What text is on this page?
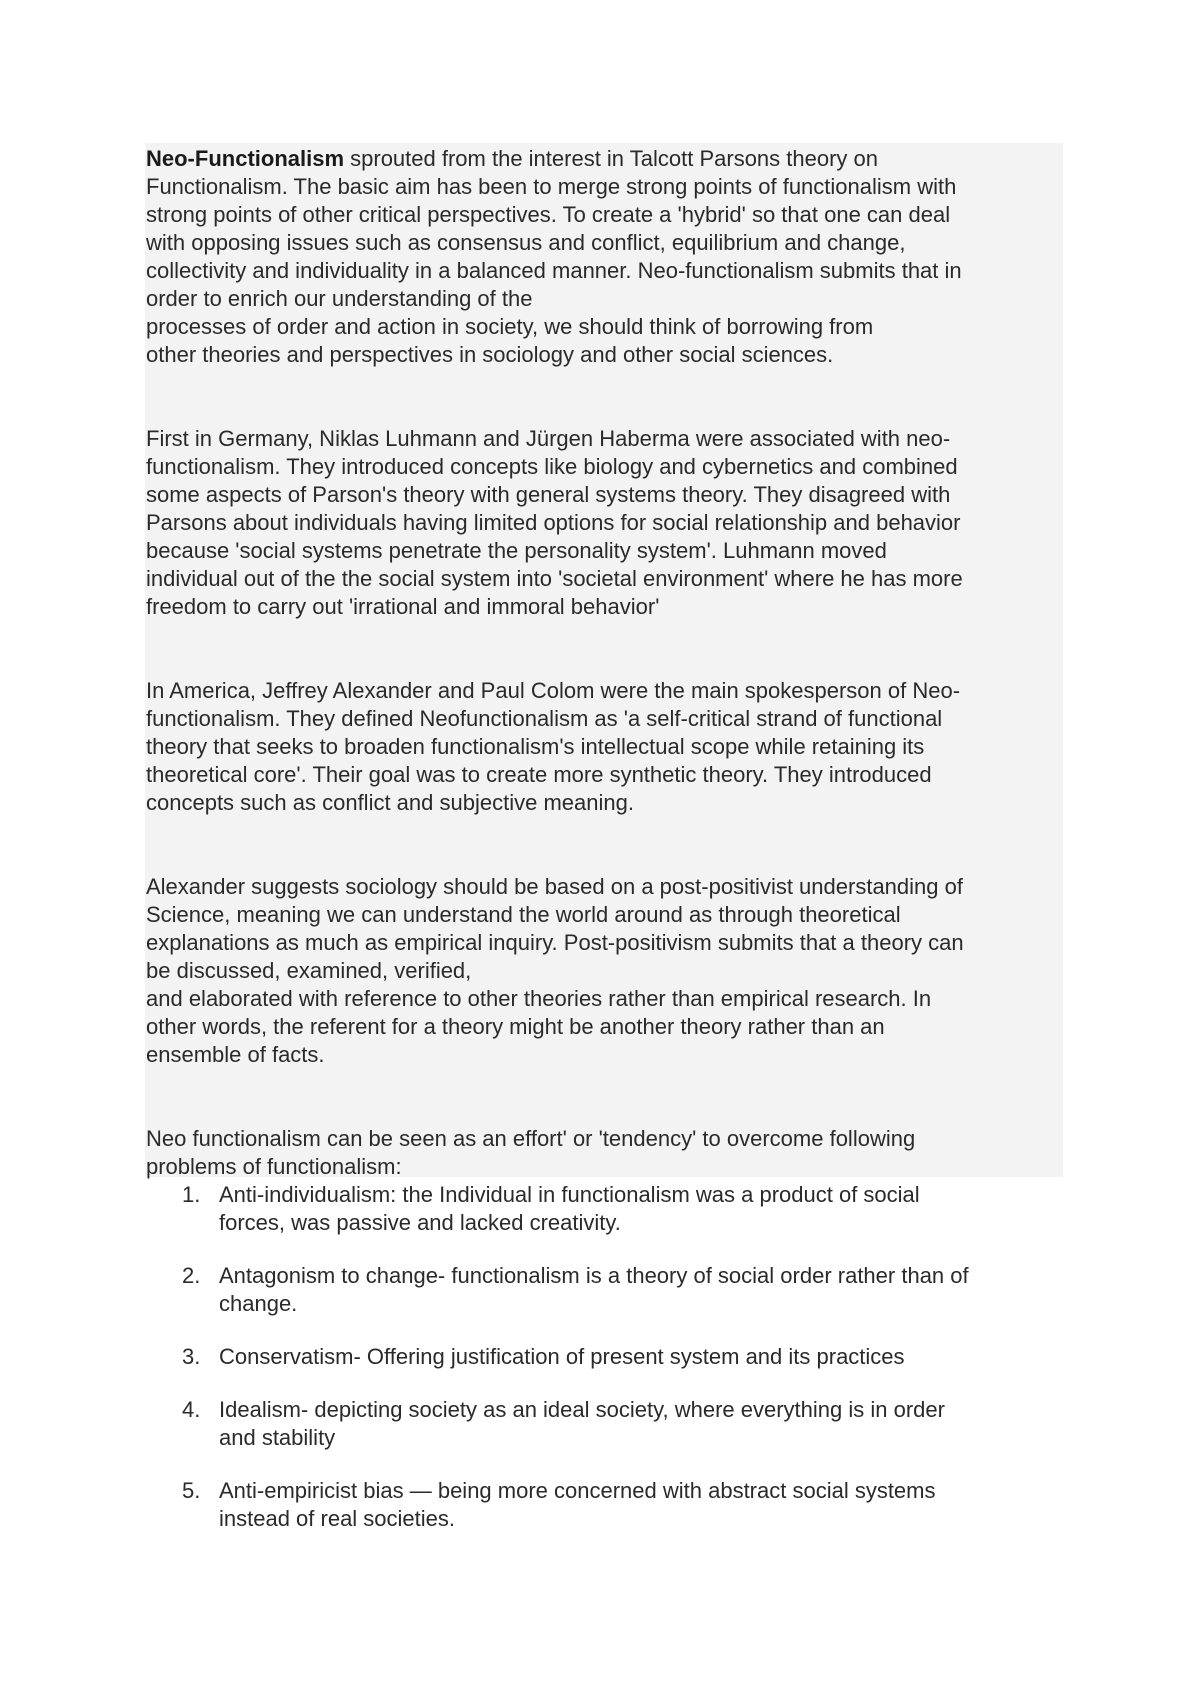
Neo-Functionalism sprouted from the interest in Talcott Parsons theory on
Functionalism. The basic aim has been to merge strong points of functionalism with
strong points of other critical perspectives. To create a 'hybrid' so that one can deal
with opposing issues such as consensus and conflict, equilibrium and change,
collectivity and individuality in a balanced manner. Neo-functionalism submits that in
order to enrich our understanding of the
processes of order and action in society, we should think of borrowing from
other theories and perspectives in sociology and other social sciences.

First in Germany, Niklas Luhmann and Jürgen Haberma were associated with neo-
functionalism. They introduced concepts like biology and cybernetics and combined
some aspects of Parson's theory with general systems theory. They disagreed with
Parsons about individuals having limited options for social relationship and behavior
because 'social systems penetrate the personality system'. Luhmann moved
individual out of the the social system into 'societal environment' where he has more
freedom to carry out 'irrational and immoral behavior'

In America, Jeffrey Alexander and Paul Colom were the main spokesperson of Neo-
functionalism. They defined Neofunctionalism as 'a self-critical strand of functional
theory that seeks to broaden functionalism's intellectual scope while retaining its
theoretical core'. Their goal was to create more synthetic theory. They introduced
concepts such as conflict and subjective meaning.

Alexander suggests sociology should be based on a post-positivist understanding of
Science, meaning we can understand the world around as through theoretical
explanations as much as empirical inquiry. Post-positivism submits that a theory can
be discussed, examined, verified,
and elaborated with reference to other theories rather than empirical research. In
other words, the referent for a theory might be another theory rather than an
ensemble of facts.

Neo functionalism can be seen as an effort' or 'tendency' to overcome following
problems of functionalism:

1. Anti-individualism: the Individual in functionalism was a product of social
forces, was passive and lacked creativity.
2. Antagonism to change- functionalism is a theory of social order rather than of
change.
3. Conservatism- Offering justification of present system and its practices
4. Idealism- depicting society as an ideal society, where everything is in order
and stability
5. Anti-empiricist bias — being more concerned with abstract social systems
instead of real societies.
